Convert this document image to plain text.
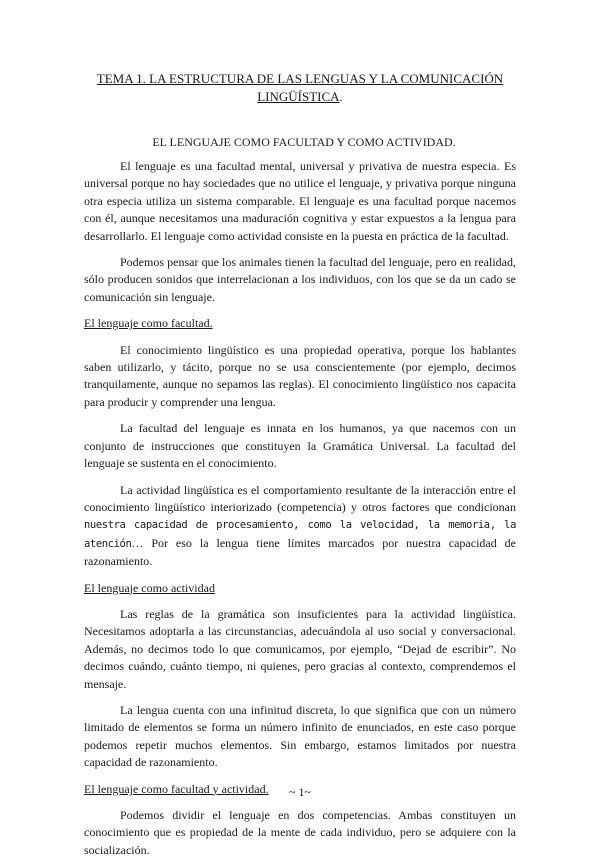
TEMA 1. LA ESTRUCTURA DE LAS LENGUAS Y LA COMUNICACIÓN
LINGÜÍSTICA.
EL LENGUAJE COMO FACULTAD Y COMO ACTIVIDAD.

El lenguaje es una facultad mental, universal y privativa de nuestra especia. Es universal porque no hay sociedades que no utilice el lenguaje, y privativa porque ninguna otra especia utiliza un sistema comparable. El lenguaje es una facultad porque nacemos con él, aunque necesitamos una maduración cognitiva y estar expuestos a la lengua para desarrollarlo. El lenguaje como actividad consiste en la puesta en práctica de la facultad.

Podemos pensar que los animales tienen la facultad del lenguaje, pero en realidad, sólo producen sonidos que interrelacionan a los individuos, con los que se da un cado se comunicación sin lenguaje.

El lenguaje como facultad.

El conocimiento lingüístico es una propiedad operativa, porque los hablantes saben utilizarlo, y tácito, porque no se usa conscientemente (por ejemplo, decimos tranquilamente, aunque no sepamos las reglas). El conocimiento lingüístico nos capacita para producir y comprender una lengua.

La facultad del lenguaje es innata en los humanos, ya que nacemos con un conjunto de instrucciones que constituyen la Gramática Universal. La facultad del lenguaje se sustenta en el conocimiento.

La actividad lingüística es el comportamiento resultante de la interacción entre el conocimiento lingüístico interiorizado (competencia) y otros factores que condicionan nuestra capacidad de procesamiento, como la velocidad, la memoria, la atención… Por eso la lengua tiene límites marcados por nuestra capacidad de razonamiento.

El lenguaje como actividad

Las reglas de la gramática son insuficientes para la actividad lingüística. Necesitamos adoptarla a las circunstancias, adecuándola al uso social y conversacional. Además, no decimos todo lo que comunicamos, por ejemplo, “Dejad de escribir”. No decimos cuándo, cuánto tiempo, ni quienes, pero gracias al contexto, comprendemos el mensaje.

La lengua cuenta con una infinitud discreta, lo que significa que con un número limitado de elementos se forma un número infinito de enunciados, en este caso porque podemos repetir muchos elementos. Sin embargo, estamos limitados por nuestra capacidad de razonamiento.

El lenguaje como facultad y actividad.

Podemos dividir el lenguaje en dos competencias. Ambas constituyen un conocimiento que es propiedad de la mente de cada individuo, pero se adquiere con la socialización.

~ 1~
